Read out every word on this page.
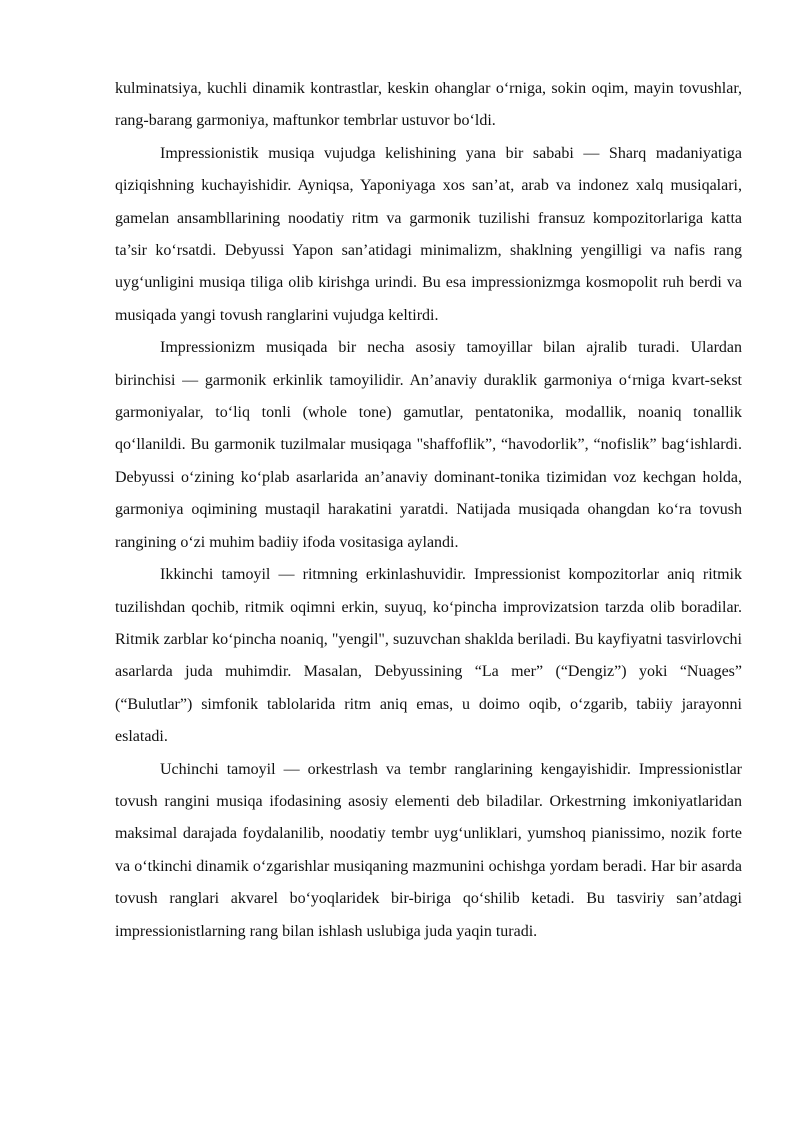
kulminatsiya, kuchli dinamik kontrastlar, keskin ohanglar o‘rniga, sokin oqim, mayin tovushlar, rang-barang garmoniya, maftunkor tembrlar ustuvor bo‘ldi.

Impressionistik musiqa vujudga kelishining yana bir sababi — Sharq madaniyatiga qiziqishning kuchayishidir. Ayniqsa, Yaponiyaga xos san’at, arab va indonez xalq musiqalari, gamelan ansambllarining noodatiy ritm va garmonik tuzilishi fransuz kompozitorlariga katta ta’sir ko‘rsatdi. Debyussi Yapon san’atidagi minimalizm, shaklning yengilligi va nafis rang uyg‘unligini musiqa tiliga olib kirishga urindi. Bu esa impressionizmga kosmopolit ruh berdi va musiqada yangi tovush ranglarini vujudga keltirdi.

Impressionizm musiqada bir necha asosiy tamoyillar bilan ajralib turadi. Ulardan birinchisi — garmonik erkinlik tamoyilidir. An’anaviy duraklik garmoniya o‘rniga kvart-sekst garmoniyalar, to‘liq tonli (whole tone) gamutlar, pentatonika, modallik, noaniq tonallik qo‘llanildi. Bu garmonik tuzilmalar musiqaga "shaffoflik”, “havodorlik”, “nofislik” bag‘ishlardi. Debyussi o‘zining ko‘plab asarlarida an’anaviy dominant-tonika tizimidan voz kechgan holda, garmoniya oqimining mustaqil harakatini yaratdi. Natijada musiqada ohangdan ko‘ra tovush rangining o‘zi muhim badiiy ifoda vositasiga aylandi.

Ikkinchi tamoyil — ritmning erkinlashuvidir. Impressionist kompozitorlar aniq ritmik tuzilishdan qochib, ritmik oqimni erkin, suyuq, ko‘pincha improvizatsion tarzda olib boradilar. Ritmik zarblar ko‘pincha noaniq, "yengil", suzuvchan shaklda beriladi. Bu kayfiyatni tasvirlovchi asarlarda juda muhimdir. Masalan, Debyussining “La mer” (“Dengiz”) yoki “Nuages” (“Bulutlar”) simfonik tablolarida ritm aniq emas, u doimo oqib, o‘zgarib, tabiiy jarayonni eslatadi.

Uchinchi tamoyil — orkestrlash va tembr ranglarining kengayishidir. Impressionistlar tovush rangini musiqa ifodasining asosiy elementi deb biladilar. Orkestrning imkoniyatlaridan maksimal darajada foydalanilib, noodatiy tembr uyg‘unliklari, yumshoq pianissimo, nozik forte va o‘tkinchi dinamik o‘zgarishlar musiqaning mazmunini ochishga yordam beradi. Har bir asarda tovush ranglari akvarel bo‘yoqlaridek bir-biriga qo‘shilib ketadi. Bu tasviriy san’atdagi impressionistlarning rang bilan ishlash uslubiga juda yaqin turadi.
